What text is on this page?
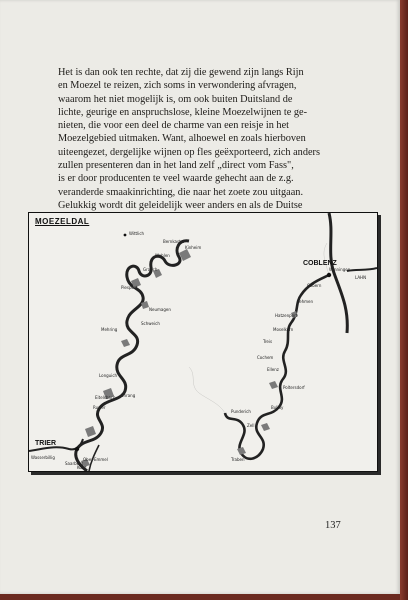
Het is dan ook ten rechte, dat zij die gewend zijn langs Rijn

en Moezel te reizen, zich soms in verwondering afvragen,

waarom het niet mogelijk is, om ook buiten Duitsland de

lichte, geurige en anspruchslose, kleine Moezelwijnen te ge-

nieten, die voor een deel de charme van een reisje in het

Moezelgebied uitmaken. Want, alhoewel en zoals hierboven

uiteengezet, dergelijke wijnen op fles geëxporteerd, zich anders

zullen presenteren dan in het land zelf „direct vom Fass",

is er door producenten te veel waarde gehecht aan de z.g.

veranderde smaakinrichting, die naar het zoete zou uitgaan.

Gelukkig wordt dit geleidelijk weer anders en als de Duitse

COBLENZ
TRIER
Wittlich
Winningen
Cobern
LAHN
Lehmen
Hatzenport
Moselkern
Treis
Cochem
Ellenz
Poltersdorf
Bullay
Zell
Punderich
Traben
Kinheim
Bernkastel
Wehlen
Graach
Piesport
Neumagen
Mehring
Schweich
Longuich
Ruwer
Eitelsbach Ehrang
Ober-Emmel
Konz
Saarburg
Wasserbillig
MOEZELDAL
137
